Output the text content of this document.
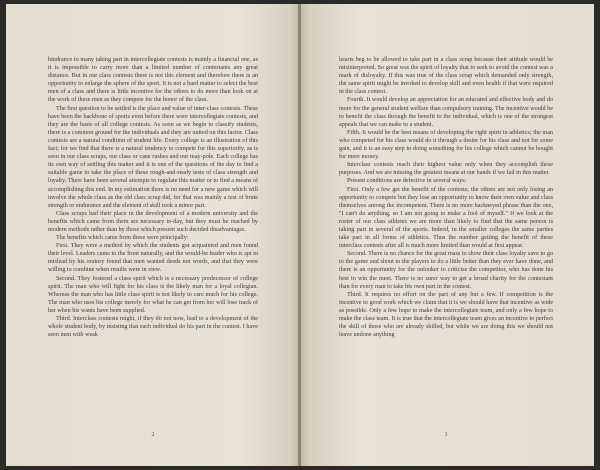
hindrance to many taking part in intercollegiate contests is mainly a financial one, as it is impossible to carry more than a limited number of contestants any great distance. But in our class contests there is not this element and therefore there is an opportunity to enlarge the sphere of the sport. It is not a hard matter to select the best men of a class and there is little incentive for the others to do more than look on at the work of these men as they compete for the honor of the class.

The first question to be settled is the place and value of inter-class contests. These have been the backbone of sports even before there were intercollegiate contests, and they are the basis of all college contests. As soon as we begin to classify students, there is a common ground for the individuals and they are united on this factor. Class contests are a natural condition of student life. Every college is an illustration of this fact; for we find that there is a natural tendency to compete for this superiority, as is seen in our class scraps, our class or cane rushes and our may-pole. Each college has its own way of settling this matter and it is one of the questions of the day to find a suitable game to take the place of these rough-and-ready tests of class strength and loyalty. There have been several attempts to regulate this matter or to find a means of accomplishing this end. In my estimation there is no need for a new game which will involve the whole class as the old class scrap did, for that was mainly a test of brute strength or endurance and the element of skill took a minor part.

Class scraps had their place in the development of a modern university and the benefits which came from them are necessary to-day, but they must be reached by modern methods rather than by those which present such decided disadvantages.

The benefits which came from these were principally:

First. They were a method by which the students got acquainted and men found their level. Leaders came to the front naturally, and the would-be leader who is apt to mislead by his oratory found that men wanted deeds not words, and that they were willing to combine when results were in view.

Second. They fostered a class spirit which is a necessary predecessor of college spirit. The man who will fight for his class is the likely man for a loyal collegian. Whereas the man who has little class spirit is not likely to care much for his college. The man who uses his college merely for what he can get from her will lose track of her when his wants have been supplied.

Third. Interclass contests might, if they do not now, lead to a development of the whole student body, by insisting that each individual do his part in the contest. I have seen men with weak

2

hearts beg to be allowed to take part in a class scrap because their attitude would be misinterpreted. So great was the spirit of loyalty that to seek to avoid the contest was a mark of disloyalty. If this was true of the class scrap which demanded only strength, the same spirit might be invoked to develop skill and even health if that were required in the class contest.

Fourth. It would develop an appreciation for an educated and effective body and do more for the general student welfare than compulsory training. The incentive would be to benefit the class through the benefit to the individual, which is one of the strongest appeals that we can make to a student.

Fifth. It would be the best means of developing the right spirit in athletics; the man who competed for his class would do it through a desire for his class and not for some gain, and it is an easy step to doing something for his college which cannot be bought for mere money.

Interclass contests reach their highest value only when they accomplish these purposes. And we are missing the greatest means at our hands if we fail in this matter.

Present conditions are defective in several ways:

First. Only a few get the benefit of the contests; the others are not only losing an opportunity to compete but they lose an opportunity to know their own value and class themselves among the incompetent. There is no more hackneyed phrase than the one, "I can't do anything, so I am not going to make a fool of myself." If we look at the roster of our class athletes we are more than likely to find that the same person is taking part in several of the sports. Indeed, in the smaller colleges the same parties take part in all forms of athletics. Thus the number getting the benefit of these interclass contests after all is much more limited than would at first appear.

Second. There is no chance for the great mass to show their class loyalty save to go to the game and shout to the players to do a little better than they ever have done, and there is an opportunity for the onlooker to criticise the competitor, who has done his best to win the meet. There is no surer way to get a broad charity for the contestant than for every man to take his own part in the contest.

Third. It requires no effort on the part of any but a few. If competition is the incentive to good work which we claim that it is we should have that incentive as wide as possible. Only a few hope to make the intercollegiate team, and only a few hope to make the class team. It is true that the intercollegiate team gives an incentive to perfect the skill of those who are already skilled, but while we are doing this we should not leave undone anything

3
